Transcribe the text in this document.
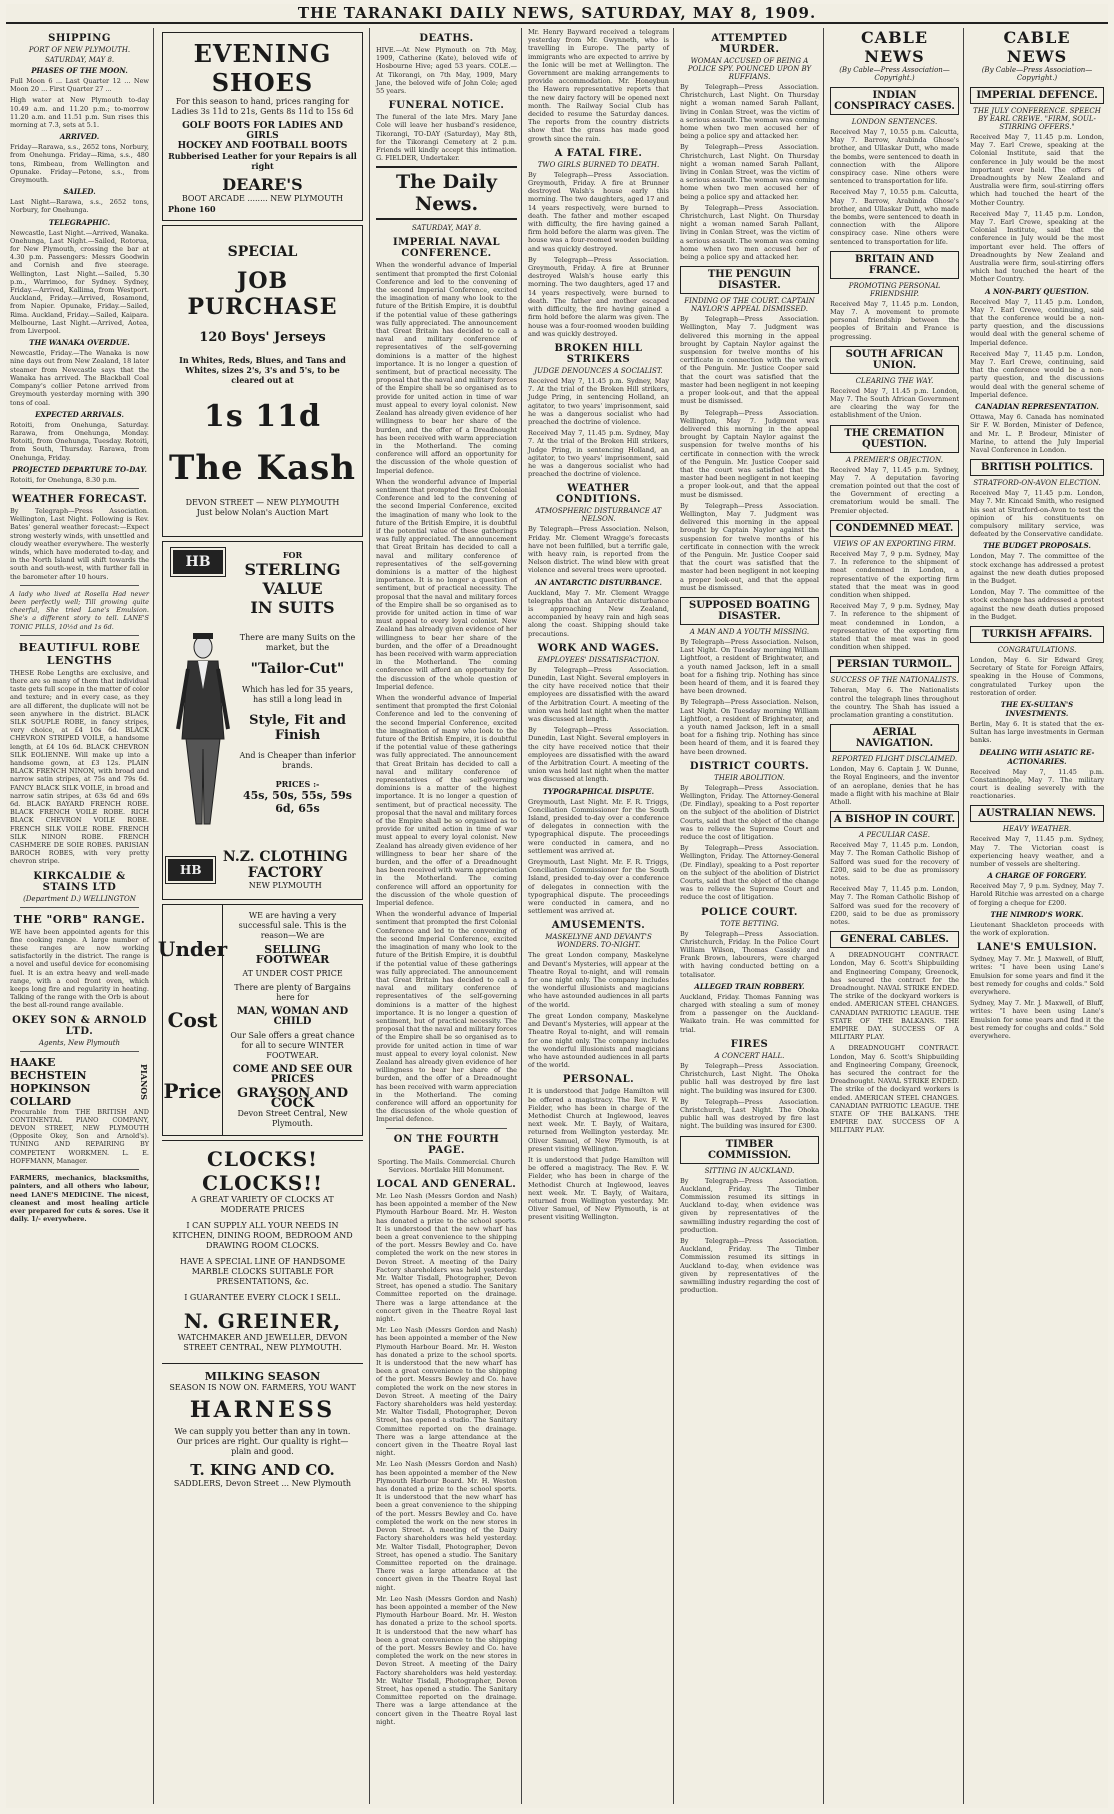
THE TARANAKI DAILY NEWS, SATURDAY, MAY 8, 1909.
SHIPPING
PORT OF NEW PLYMOUTH.
SATURDAY, MAY 8.
PHASES OF THE MOON.
Full Moon 6 ... Last Quarter 12 ... New Moon 20 ... First Quarter 27 ...
High water at New Plymouth to-day 10.49 a.m. and 11.20 p.m.; to-morrow 11.20 a.m. and 11.51 p.m. Sun rises this morning at 7.3, sets at 5.1.
ARRIVED.
Friday—Rarawa, s.s., 2652 tons, Norbury, from Onehunga. Friday—Rima, s.s., 480 tons, Rimbeau, from Wellington and Opunake. Friday—Petone, s.s., from Greymouth.
SAILED.
Last Night—Rarawa, s.s., 2652 tons, Norbury, for Onehunga.
TELEGRAPHIC.
Newcastle, Last Night.—Arrived, Wanaka. Onehunga, Last Night.—Sailed, Rotorua, for New Plymouth, crossing the bar at 4.30 p.m. Passengers: Messrs Goodwin and Cornish and five steerage. Wellington, Last Night.—Sailed, 5.30 p.m., Warrimoo, for Sydney. Sydney, Friday.—Arrived, Kallima, from Westport. Auckland, Friday.—Arrived, Rosamond, from Napier. Opunake, Friday.—Sailed, Rima. Auckland, Friday.—Sailed, Kaipara. Melbourne, Last Night.—Arrived, Aotea, from Liverpool.
THE WANAKA OVERDUE.
Newcastle, Friday.—The Wanaka is now nine days out from New Zealand, 18 later steamer from Newcastle says that the Wanaka has arrived. The Blackball Coal Company's collier Petone arrived from Greymouth yesterday morning with 390 tons of coal.
EXPECTED ARRIVALS.
Rotoiti, from Onehunga, Saturday. Rarawa, from Onehunga, Monday. Rotoiti, from Onehunga, Tuesday. Rotoiti, from South, Thursday. Rarawa, from Onehunga, Friday.
PROJECTED DEPARTURE TO-DAY.
Rotoiti, for Onehunga, 8.30 p.m.
WEATHER FORECAST.
By Telegraph—Press Association. Wellington, Last Night. Following is Rev. Bates' general weather forecast:—Expect strong westerly winds, with unsettled and cloudy weather everywhere. The westerly winds, which have moderated to-day, and in the North Island will shift towards the south and south-west, with further fall in the barometer after 10 hours.
A lady who lived at Rosella Had never been perfectly well; Till growing quite cheerful, She tried Lane's Emulsion. She's a different story to tell. LANE'S TONIC PILLS, 10½d and 1s 6d.
BEAUTIFUL ROBE LENGTHS
THESE Robe Lengths are exclusive, and there are so many of them that individual taste gets full scope in the matter of color and texture; and in every case, as they are all different, the duplicate will not be seen anywhere in the district. BLACK SILK SOUPLE ROBE, in fancy stripes, very choice, at £4 10s 6d. BLACK CHEVRON STRIPED VOILE, a handsome length, at £4 10s 6d. BLACK CHEVRON SILK EOLIENNE. Will make up into a handsome gown, at £3 12s. PLAIN BLACK FRENCH NINON, with broad and narrow satin stripes, at 75s and 79s 6d. FANCY BLACK SILK VOILE, in broad and narrow satin stripes, at 63s 6d and 69s 6d. BLACK BAYARD FRENCH ROBE. BLACK FRENCH VOILE ROBE. RICH BLACK CHEVRON VOILE ROBE. FRENCH SILK VOILE ROBE. FRENCH SILK NINON ROBE. FRENCH CASHMERE DE SOIE ROBES. PARISIAN BAROCH ROBES, with very pretty chevron stripe.
KIRKCALDIE & STAINS LTD
(Department D.) WELLINGTON
THE "ORB" RANGE.
WE have been appointed agents for this fine cooking range. A large number of these ranges are now working satisfactorily in the district. The range is a novel and useful device for economising fuel. It is an extra heavy and well-made range, with a cool front oven, which keeps long fire and regularity in heating. Talking of the range with the Orb is about the best all-round range available.
OKEY SON & ARNOLD LTD.
Agents, New Plymouth
HAAKE
BECHSTEIN
HOPKINSON
COLLARD
PIANOS
Procurable from THE BRITISH AND CONTINENTAL PIANO COMPANY, DEVON STREET, NEW PLYMOUTH (Opposite Okey, Son and Arnold's). TUNING AND REPAIRING BY COMPETENT WORKMEN. L. E. HOFFMANN, Manager.
FARMERS, mechanics, blacksmiths, painters, and all others who labour, need LANE'S MEDICINE. The nicest, cleanest and most healing article ever prepared for cuts & sores. Use it daily. 1/- everywhere.
EVENING SHOES
For this season to hand, prices ranging for Ladies 3s 11d to 21s, Gents 8s 11d to 15s 6d
GOLF BOOTS FOR LADIES AND GIRLS
HOCKEY AND FOOTBALL BOOTS
Rubberised Leather for your Repairs is all right
DEARE'S
BOOT ARCADE ........ NEW PLYMOUTH
Phone 160
SPECIAL
JOB PURCHASE
120 Boys' Jerseys
In Whites, Reds, Blues, and Tans and Whites, sizes 2's, 3's and 5's, to be cleared out at
1s 11d
The Kash
DEVON STREET — NEW PLYMOUTH
Just below Nolan's Auction Mart
HB	FOR
STERLING VALUE
IN SUITS
There are many Suits on the market, but the
"Tailor-Cut"
Which has led for 35 years, has still a long lead in
Style, Fit and Finish
And is Cheaper than inferior brands.
PRICES :-
45s, 50s, 55s, 59s 6d, 65s
HB
N.Z. CLOTHING FACTORY
NEW PLYMOUTH
Under
Cost
Price
WE are having a very successful sale. This is the reason—We are
SELLING FOOTWEAR
AT UNDER COST PRICE
There are plenty of Bargains here for
MAN, WOMAN AND CHILD
Our Sale offers a great chance for all to secure WINTER FOOTWEAR.
COME AND SEE OUR PRICES
GRAYSON AND COCK
Devon Street Central, New Plymouth.
CLOCKS! CLOCKS!!
A GREAT VARIETY OF CLOCKS AT MODERATE PRICES
I CAN SUPPLY ALL YOUR NEEDS IN KITCHEN, DINING ROOM, BEDROOM AND DRAWING ROOM CLOCKS.
HAVE A SPECIAL LINE OF HANDSOME MARBLE CLOCKS SUITABLE FOR PRESENTATIONS, &c.
I GUARANTEE EVERY CLOCK I SELL.
N. GREINER,
WATCHMAKER AND JEWELLER, DEVON STREET CENTRAL, NEW PLYMOUTH.
MILKING SEASON
SEASON IS NOW ON. FARMERS, YOU WANT
HARNESS
We can supply you better than any in town. Our prices are right. Our quality is right—plain and good.
T. KING AND CO.
SADDLERS, Devon Street ... New Plymouth
DEATHS.
HIVE.—At New Plymouth on 7th May, 1909, Catherine (Kate), beloved wife of Hosbourne Hive; aged 53 years. COLE.—At Tikorangi, on 7th May, 1909, Mary Jane, the beloved wife of John Cole; aged 55 years.
FUNERAL NOTICE.
The funeral of the late Mrs. Mary Jane Cole will leave her husband's residence, Tikorangi, TO-DAY (Saturday), May 8th, for the Tikorangi Cemetery at 2 p.m. Friends will kindly accept this intimation. G. FIELDER, Undertaker.
The Daily News.
SATURDAY, MAY 8.
IMPERIAL NAVAL CONFERENCE.
When the wonderful advance of Imperial sentiment that prompted the first Colonial Conference and led to the convening of the second Imperial Conference, excited the imagination of many who look to the future of the British Empire, it is doubtful if the potential value of these gatherings was fully appreciated. The announcement that Great Britain has decided to call a naval and military conference of representatives of the self-governing dominions is a matter of the highest importance. It is no longer a question of sentiment, but of practical necessity. The proposal that the naval and military forces of the Empire shall be so organised as to provide for united action in time of war must appeal to every loyal colonist. New Zealand has already given evidence of her willingness to bear her share of the burden, and the offer of a Dreadnought has been received with warm appreciation in the Motherland. The coming conference will afford an opportunity for the discussion of the whole question of Imperial defence.
When the wonderful advance of Imperial sentiment that prompted the first Colonial Conference and led to the convening of the second Imperial Conference, excited the imagination of many who look to the future of the British Empire, it is doubtful if the potential value of these gatherings was fully appreciated. The announcement that Great Britain has decided to call a naval and military conference of representatives of the self-governing dominions is a matter of the highest importance. It is no longer a question of sentiment, but of practical necessity. The proposal that the naval and military forces of the Empire shall be so organised as to provide for united action in time of war must appeal to every loyal colonist. New Zealand has already given evidence of her willingness to bear her share of the burden, and the offer of a Dreadnought has been received with warm appreciation in the Motherland. The coming conference will afford an opportunity for the discussion of the whole question of Imperial defence.
When the wonderful advance of Imperial sentiment that prompted the first Colonial Conference and led to the convening of the second Imperial Conference, excited the imagination of many who look to the future of the British Empire, it is doubtful if the potential value of these gatherings was fully appreciated. The announcement that Great Britain has decided to call a naval and military conference of representatives of the self-governing dominions is a matter of the highest importance. It is no longer a question of sentiment, but of practical necessity. The proposal that the naval and military forces of the Empire shall be so organised as to provide for united action in time of war must appeal to every loyal colonist. New Zealand has already given evidence of her willingness to bear her share of the burden, and the offer of a Dreadnought has been received with warm appreciation in the Motherland. The coming conference will afford an opportunity for the discussion of the whole question of Imperial defence.
When the wonderful advance of Imperial sentiment that prompted the first Colonial Conference and led to the convening of the second Imperial Conference, excited the imagination of many who look to the future of the British Empire, it is doubtful if the potential value of these gatherings was fully appreciated. The announcement that Great Britain has decided to call a naval and military conference of representatives of the self-governing dominions is a matter of the highest importance. It is no longer a question of sentiment, but of practical necessity. The proposal that the naval and military forces of the Empire shall be so organised as to provide for united action in time of war must appeal to every loyal colonist. New Zealand has already given evidence of her willingness to bear her share of the burden, and the offer of a Dreadnought has been received with warm appreciation in the Motherland. The coming conference will afford an opportunity for the discussion of the whole question of Imperial defence.
ON THE FOURTH PAGE.
Sporting. The Mails. Commercial. Church Services. Mortlake Hill Monument.
LOCAL AND GENERAL.
Mr. Leo Nash (Messrs Gordon and Nash) has been appointed a member of the New Plymouth Harbour Board. Mr. H. Weston has donated a prize to the school sports. It is understood that the new wharf has been a great convenience to the shipping of the port. Messrs Bewley and Co. have completed the work on the new stores in Devon Street. A meeting of the Dairy Factory shareholders was held yesterday. Mr. Walter Tisdall, Photographer, Devon Street, has opened a studio. The Sanitary Committee reported on the drainage. There was a large attendance at the concert given in the Theatre Royal last night.
Mr. Leo Nash (Messrs Gordon and Nash) has been appointed a member of the New Plymouth Harbour Board. Mr. H. Weston has donated a prize to the school sports. It is understood that the new wharf has been a great convenience to the shipping of the port. Messrs Bewley and Co. have completed the work on the new stores in Devon Street. A meeting of the Dairy Factory shareholders was held yesterday. Mr. Walter Tisdall, Photographer, Devon Street, has opened a studio. The Sanitary Committee reported on the drainage. There was a large attendance at the concert given in the Theatre Royal last night.
Mr. Leo Nash (Messrs Gordon and Nash) has been appointed a member of the New Plymouth Harbour Board. Mr. H. Weston has donated a prize to the school sports. It is understood that the new wharf has been a great convenience to the shipping of the port. Messrs Bewley and Co. have completed the work on the new stores in Devon Street. A meeting of the Dairy Factory shareholders was held yesterday. Mr. Walter Tisdall, Photographer, Devon Street, has opened a studio. The Sanitary Committee reported on the drainage. There was a large attendance at the concert given in the Theatre Royal last night.
Mr. Leo Nash (Messrs Gordon and Nash) has been appointed a member of the New Plymouth Harbour Board. Mr. H. Weston has donated a prize to the school sports. It is understood that the new wharf has been a great convenience to the shipping of the port. Messrs Bewley and Co. have completed the work on the new stores in Devon Street. A meeting of the Dairy Factory shareholders was held yesterday. Mr. Walter Tisdall, Photographer, Devon Street, has opened a studio. The Sanitary Committee reported on the drainage. There was a large attendance at the concert given in the Theatre Royal last night.
Mr. Henry Bayward received a telegram yesterday from Mr. Gwynneth, who is travelling in Europe. The party of immigrants who are expected to arrive by the Ionic will be met at Wellington. The Government are making arrangements to provide accommodation. Mr. Honeybun the Hawera representative reports that the new dairy factory will be opened next month. The Railway Social Club has decided to resume the Saturday dances. The reports from the country districts show that the grass has made good growth since the rain.
A FATAL FIRE.
TWO GIRLS BURNED TO DEATH.
By Telegraph—Press Association. Greymouth, Friday. A fire at Brunner destroyed Walsh's house early this morning. The two daughters, aged 17 and 14 years respectively, were burned to death. The father and mother escaped with difficulty, the fire having gained a firm hold before the alarm was given. The house was a four-roomed wooden building and was quickly destroyed.
By Telegraph—Press Association. Greymouth, Friday. A fire at Brunner destroyed Walsh's house early this morning. The two daughters, aged 17 and 14 years respectively, were burned to death. The father and mother escaped with difficulty, the fire having gained a firm hold before the alarm was given. The house was a four-roomed wooden building and was quickly destroyed.
BROKEN HILL STRIKERS
JUDGE DENOUNCES A SOCIALIST.
Received May 7, 11.45 p.m. Sydney, May 7. At the trial of the Broken Hill strikers, Judge Pring, in sentencing Holland, an agitator, to two years' imprisonment, said he was a dangerous socialist who had preached the doctrine of violence.
Received May 7, 11.45 p.m. Sydney, May 7. At the trial of the Broken Hill strikers, Judge Pring, in sentencing Holland, an agitator, to two years' imprisonment, said he was a dangerous socialist who had preached the doctrine of violence.
WEATHER CONDITIONS.
ATMOSPHERIC DISTURBANCE AT NELSON.
By Telegraph—Press Association. Nelson, Friday. Mr. Clement Wragge's forecasts have not been fulfilled, but a terrific gale, with heavy rain, is reported from the Nelson district. The wind blew with great violence and several trees were uprooted.
AN ANTARCTIC DISTURBANCE.
Auckland, May 7. Mr. Clement Wragge telegraphs that an Antarctic disturbance is approaching New Zealand, accompanied by heavy rain and high seas along the coast. Shipping should take precautions.
WORK AND WAGES.
EMPLOYEES' DISSATISFACTION.
By Telegraph—Press Association. Dunedin, Last Night. Several employers in the city have received notice that their employees are dissatisfied with the award of the Arbitration Court. A meeting of the union was held last night when the matter was discussed at length.
By Telegraph—Press Association. Dunedin, Last Night. Several employers in the city have received notice that their employees are dissatisfied with the award of the Arbitration Court. A meeting of the union was held last night when the matter was discussed at length.
TYPOGRAPHICAL DISPUTE.
Greymouth, Last Night. Mr. F. R. Triggs, Conciliation Commissioner for the South Island, presided to-day over a conference of delegates in connection with the typographical dispute. The proceedings were conducted in camera, and no settlement was arrived at.
Greymouth, Last Night. Mr. F. R. Triggs, Conciliation Commissioner for the South Island, presided to-day over a conference of delegates in connection with the typographical dispute. The proceedings were conducted in camera, and no settlement was arrived at.
AMUSEMENTS.
MASKELYNE AND DEVANT'S WONDERS. TO-NIGHT.
The great London company, Maskelyne and Devant's Mysteries, will appear at the Theatre Royal to-night, and will remain for one night only. The company includes the wonderful illusionists and magicians who have astounded audiences in all parts of the world.
The great London company, Maskelyne and Devant's Mysteries, will appear at the Theatre Royal to-night, and will remain for one night only. The company includes the wonderful illusionists and magicians who have astounded audiences in all parts of the world.
PERSONAL.
It is understood that Judge Hamilton will be offered a magistracy. The Rev. F. W. Fielder, who has been in charge of the Methodist Church at Inglewood, leaves next week. Mr. T. Bayly, of Waitara, returned from Wellington yesterday. Mr. Oliver Samuel, of New Plymouth, is at present visiting Wellington.
It is understood that Judge Hamilton will be offered a magistracy. The Rev. F. W. Fielder, who has been in charge of the Methodist Church at Inglewood, leaves next week. Mr. T. Bayly, of Waitara, returned from Wellington yesterday. Mr. Oliver Samuel, of New Plymouth, is at present visiting Wellington.
ATTEMPTED MURDER.
WOMAN ACCUSED OF BEING A POLICE SPY. POUNCED UPON BY RUFFIANS.
By Telegraph—Press Association. Christchurch, Last Night. On Thursday night a woman named Sarah Pallant, living in Conlan Street, was the victim of a serious assault. The woman was coming home when two men accused her of being a police spy and attacked her.
By Telegraph—Press Association. Christchurch, Last Night. On Thursday night a woman named Sarah Pallant, living in Conlan Street, was the victim of a serious assault. The woman was coming home when two men accused her of being a police spy and attacked her.
By Telegraph—Press Association. Christchurch, Last Night. On Thursday night a woman named Sarah Pallant, living in Conlan Street, was the victim of a serious assault. The woman was coming home when two men accused her of being a police spy and attacked her.
THE PENGUIN DISASTER.
FINDING OF THE COURT. CAPTAIN NAYLOR'S APPEAL DISMISSED.
By Telegraph—Press Association. Wellington, May 7. Judgment was delivered this morning in the appeal brought by Captain Naylor against the suspension for twelve months of his certificate in connection with the wreck of the Penguin. Mr. Justice Cooper said that the court was satisfied that the master had been negligent in not keeping a proper look-out, and that the appeal must be dismissed.
By Telegraph—Press Association. Wellington, May 7. Judgment was delivered this morning in the appeal brought by Captain Naylor against the suspension for twelve months of his certificate in connection with the wreck of the Penguin. Mr. Justice Cooper said that the court was satisfied that the master had been negligent in not keeping a proper look-out, and that the appeal must be dismissed.
By Telegraph—Press Association. Wellington, May 7. Judgment was delivered this morning in the appeal brought by Captain Naylor against the suspension for twelve months of his certificate in connection with the wreck of the Penguin. Mr. Justice Cooper said that the court was satisfied that the master had been negligent in not keeping a proper look-out, and that the appeal must be dismissed.
SUPPOSED BOATING DISASTER.
A MAN AND A YOUTH MISSING.
By Telegraph—Press Association. Nelson, Last Night. On Tuesday morning William Lightfoot, a resident of Brightwater, and a youth named Jackson, left in a small boat for a fishing trip. Nothing has since been heard of them, and it is feared they have been drowned.
By Telegraph—Press Association. Nelson, Last Night. On Tuesday morning William Lightfoot, a resident of Brightwater, and a youth named Jackson, left in a small boat for a fishing trip. Nothing has since been heard of them, and it is feared they have been drowned.
DISTRICT COURTS.
THEIR ABOLITION.
By Telegraph—Press Association. Wellington, Friday. The Attorney-General (Dr. Findlay), speaking to a Post reporter on the subject of the abolition of District Courts, said that the object of the change was to relieve the Supreme Court and reduce the cost of litigation.
By Telegraph—Press Association. Wellington, Friday. The Attorney-General (Dr. Findlay), speaking to a Post reporter on the subject of the abolition of District Courts, said that the object of the change was to relieve the Supreme Court and reduce the cost of litigation.
POLICE COURT.
TOTE BETTING.
By Telegraph—Press Association. Christchurch, Friday. In the Police Court William Wilson, Thomas Cassidy and Frank Brown, labourers, were charged with having conducted betting on a totalisator.
ALLEGED TRAIN ROBBERY.
Auckland, Friday. Thomas Fanning was charged with stealing a sum of money from a passenger on the Auckland-Waikato train. He was committed for trial.
FIRES
A CONCERT HALL.
By Telegraph—Press Association. Christchurch, Last Night. The Ohoka public hall was destroyed by fire last night. The building was insured for £300.
By Telegraph—Press Association. Christchurch, Last Night. The Ohoka public hall was destroyed by fire last night. The building was insured for £300.
TIMBER COMMISSION.
SITTING IN AUCKLAND.
By Telegraph—Press Association. Auckland, Friday. The Timber Commission resumed its sittings in Auckland to-day, when evidence was given by representatives of the sawmilling industry regarding the cost of production.
By Telegraph—Press Association. Auckland, Friday. The Timber Commission resumed its sittings in Auckland to-day, when evidence was given by representatives of the sawmilling industry regarding the cost of production.
CABLE NEWS
(By Cable—Press Association—Copyright.)
INDIAN CONSPIRACY CASES.
LONDON SENTENCES.
Received May 7, 10.55 p.m. Calcutta, May 7. Barrow, Arabinda Ghose's brother, and Ullaskar Dutt, who made the bombs, were sentenced to death in connection with the Alipore conspiracy case. Nine others were sentenced to transportation for life.
Received May 7, 10.55 p.m. Calcutta, May 7. Barrow, Arabinda Ghose's brother, and Ullaskar Dutt, who made the bombs, were sentenced to death in connection with the Alipore conspiracy case. Nine others were sentenced to transportation for life.
BRITAIN AND FRANCE.
PROMOTING PERSONAL FRIENDSHIP.
Received May 7, 11.45 p.m. London, May 7. A movement to promote personal friendship between the peoples of Britain and France is progressing.
SOUTH AFRICAN UNION.
CLEARING THE WAY.
Received May 7, 11.45 p.m. London, May 7. The South African Government are clearing the way for the establishment of the Union.
THE CREMATION QUESTION.
A PREMIER'S OBJECTION.
Received May 7, 11.45 p.m. Sydney, May 7. A deputation favoring cremation pointed out that the cost of the Government of erecting a crematorium would be small. The Premier objected.
CONDEMNED MEAT.
VIEWS OF AN EXPORTING FIRM.
Received May 7, 9 p.m. Sydney, May 7. In reference to the shipment of meat condemned in London, a representative of the exporting firm stated that the meat was in good condition when shipped.
Received May 7, 9 p.m. Sydney, May 7. In reference to the shipment of meat condemned in London, a representative of the exporting firm stated that the meat was in good condition when shipped.
PERSIAN TURMOIL.
SUCCESS OF THE NATIONALISTS.
Teheran, May 6. The Nationalists control the telegraph lines throughout the country. The Shah has issued a proclamation granting a constitution.
AERIAL NAVIGATION.
REPORTED FLIGHT DISCLAIMED.
London, May 6. Captain J. W. Dunne, the Royal Engineers, and the inventor of an aeroplane, denies that he has made a flight with his machine at Blair Atholl.
A BISHOP IN COURT.
A PECULIAR CASE.
Received May 7, 11.45 p.m. London, May 7. The Roman Catholic Bishop of Salford was sued for the recovery of £200, said to be due as promissory notes.
Received May 7, 11.45 p.m. London, May 7. The Roman Catholic Bishop of Salford was sued for the recovery of £200, said to be due as promissory notes.
GENERAL CABLES.
A DREADNOUGHT CONTRACT. London, May 6. Scott's Shipbuilding and Engineering Company, Greenock, has secured the contract for the Dreadnought. NAVAL STRIKE ENDED. The strike of the dockyard workers is ended. AMERICAN STEEL CHANGES. CANADIAN PATRIOTIC LEAGUE. THE STATE OF THE BALKANS. THE EMPIRE DAY. SUCCESS OF A MILITARY PLAY.
A DREADNOUGHT CONTRACT. London, May 6. Scott's Shipbuilding and Engineering Company, Greenock, has secured the contract for the Dreadnought. NAVAL STRIKE ENDED. The strike of the dockyard workers is ended. AMERICAN STEEL CHANGES. CANADIAN PATRIOTIC LEAGUE. THE STATE OF THE BALKANS. THE EMPIRE DAY. SUCCESS OF A MILITARY PLAY.
CABLE NEWS
(By Cable—Press Association—Copyright.)
IMPERIAL DEFENCE.
THE JULY CONFERENCE. SPEECH BY EARL CREWE. "FIRM, SOUL-STIRRING OFFERS."
Received May 7, 11.45 p.m. London, May 7. Earl Crewe, speaking at the Colonial Institute, said that the conference in July would be the most important ever held. The offers of Dreadnoughts by New Zealand and Australia were firm, soul-stirring offers which had touched the heart of the Mother Country.
Received May 7, 11.45 p.m. London, May 7. Earl Crewe, speaking at the Colonial Institute, said that the conference in July would be the most important ever held. The offers of Dreadnoughts by New Zealand and Australia were firm, soul-stirring offers which had touched the heart of the Mother Country.
A NON-PARTY QUESTION.
Received May 7, 11.45 p.m. London, May 7. Earl Crewe, continuing, said that the conference would be a non-party question, and the discussions would deal with the general scheme of Imperial defence.
Received May 7, 11.45 p.m. London, May 7. Earl Crewe, continuing, said that the conference would be a non-party question, and the discussions would deal with the general scheme of Imperial defence.
CANADIAN REPRESENTATION.
Ottawa, May 6. Canada has nominated Sir F. W. Borden, Minister of Defence, and Mr. L. P. Brodeur, Minister of Marine, to attend the July Imperial Naval Conference in London.
BRITISH POLITICS.
STRATFORD-ON-AVON ELECTION.
Received May 7, 11.45 p.m. London, May 7. Mr. Kincaid Smith, who resigned his seat at Stratford-on-Avon to test the opinion of his constituents on compulsory military service, was defeated by the Conservative candidate.
THE BUDGET PROPOSALS.
London, May 7. The committee of the stock exchange has addressed a protest against the new death duties proposed in the Budget.
London, May 7. The committee of the stock exchange has addressed a protest against the new death duties proposed in the Budget.
TURKISH AFFAIRS.
CONGRATULATIONS.
London, May 6. Sir Edward Grey, Secretary of State for Foreign Affairs, speaking in the House of Commons, congratulated Turkey upon the restoration of order.
THE EX-SULTAN'S INVESTMENTS.
Berlin, May 6. It is stated that the ex-Sultan has large investments in German banks.
DEALING WITH ASIATIC RE-ACTIONARIES.
Received May 7, 11.45 p.m. Constantinople, May 7. The military court is dealing severely with the reactionaries.
AUSTRALIAN NEWS.
HEAVY WEATHER.
Received May 7, 11.45 p.m. Sydney, May 7. The Victorian coast is experiencing heavy weather, and a number of vessels are sheltering.
A CHARGE OF FORGERY.
Received May 7, 9 p.m. Sydney, May 7. Harold Ritchie was arrested on a charge of forging a cheque for £200.
THE NIMROD'S WORK.
Lieutenant Shackleton proceeds with the work of exploration.
LANE'S EMULSION.
Sydney, May 7. Mr. J. Maxwell, of Bluff, writes: "I have been using Lane's Emulsion for some years and find it the best remedy for coughs and colds." Sold everywhere.
Sydney, May 7. Mr. J. Maxwell, of Bluff, writes: "I have been using Lane's Emulsion for some years and find it the best remedy for coughs and colds." Sold everywhere.
